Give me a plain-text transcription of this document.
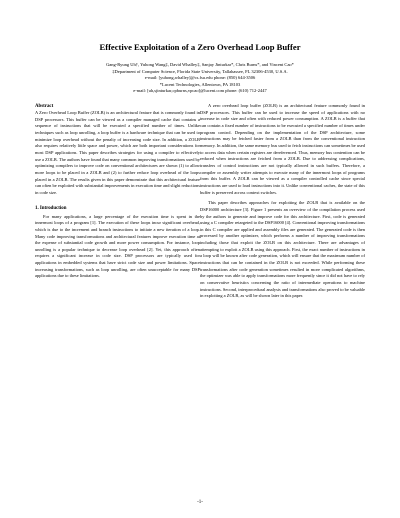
Effective Exploitation of a Zero Overhead Loop Buffer
Gang-Ryung Uh†, Yuhong Wang‡, David Whalley‡, Sanjay Jinturkar*, Chris Burns*, and Vincent Cao*
‡Department of Computer Science, Florida State University, Tallahassee, FL 32306-4530, U.S.A.
e-mail: [yuhong,whalley]@cs.fsu.edu phone: (850) 644-3506
*Lucent Technologies, Allentown, PA 18103
e-mail: [uh,sjinturkar,cpburns,vpcao]@lucent.com phone: (610) 712-2447

Abstract

A Zero Overhead Loop Buffer (ZOLB) is an architectural feature that is commonly found in DSP processors. This buffer can be viewed as a compiler managed cache that contains a sequence of instructions that will be executed a specified number of times. Unlike techniques such as loop unrolling, a loop buffer is a hardware technique that can be used to minimize loop overhead without the penalty of increasing code size. In addition, a ZOLB also requires relatively little space and power, which are both important considerations for most DSP applications. This paper describes strategies for using a compiler to effectively use a ZOLB. The authors have found that many common improving transformations used by optimizing compilers to improve code on conventional architectures are shown (1) to allow more loops to be placed in a ZOLB and (2) to further reduce loop overhead of the loops placed in a ZOLB. The results given in this paper demonstrate that this architectural feature can often be exploited with substantial improvements in execution time and slight reductions in code size.

1. Introduction

For many applications, a large percentage of the execution time is spent in the innermost loops of a program [1]. The execution of these loops incur significant overhead, which is due to the increment and branch instructions to initiate a new iteration of a loop. Many code improving transformations and architectural features improve execution time at the expense of substantial code growth and more power consumption. For instance, loop unrolling is a popular technique to decrease loop overhead [2]. Yet, this approach often requires a significant increase in code size. DSP processors are typically used for applications in embedded systems that have strict code size and power limitations. Space increasing transformations, such as loop unrolling, are often unacceptable for many DSP applications due to these limitations.

A zero overhead loop buffer (ZOLB) is an architectural feature commonly found in DSP processors. This buffer can be used to increase the speed of applications with no increase in code size and often with reduced power consumption. A ZOLB is a buffer that can contain a fixed number of instructions to be executed a specified number of times under program control. Depending on the implementation of the DSP architecture, some instructions may be fetched faster from a ZOLB than from the conventional instruction memory. In addition, the same memory bus used to fetch instructions can sometimes be used to access data when certain registers are dereferenced. Thus, memory bus contention can be reduced when instructions are fetched from a ZOLB. Due to addressing complications, transfers of control instructions are not typically allowed in such buffers. Therefore, a compiler or assembly writer attempts to execute many of the innermost loops of programs from this buffer. A ZOLB can be viewed as a compiler controlled cache since special instructions are used to load instructions into it. Unlike conventional caches, the state of this buffer is preserved across context switches.

This paper describes approaches for exploiting the ZOLB that is available on the DSP16000 architecture [3]. Figure 1 presents an overview of the compilation process used by the authors to generate and improve code for this architecture. First, code is generated using a C compiler retargeted to the DSP16000 [4]. Conventional improving transformations in this C compiler are applied and assembly files are generated. The generated code is then processed by another optimizer, which performs a number of improving transformations including those that exploit the ZOLB on this architecture. There are advantages of attempting to exploit a ZOLB using this approach. First, the exact number of instructions in a loop will be known after code generation, which will ensure that the maximum number of instructions that can be contained in the ZOLB is not exceeded. While performing these transformations after code generation sometimes resulted in more complicated algorithms, the optimizer was able to apply transformations more frequently since it did not have to rely on conservative heuristics concerning the ratio of intermediate operations to machine instructions. Second, interprocedural analysis and transformations also proved to be valuable in exploiting a ZOLB, as will be shown later in this paper.

-1-
